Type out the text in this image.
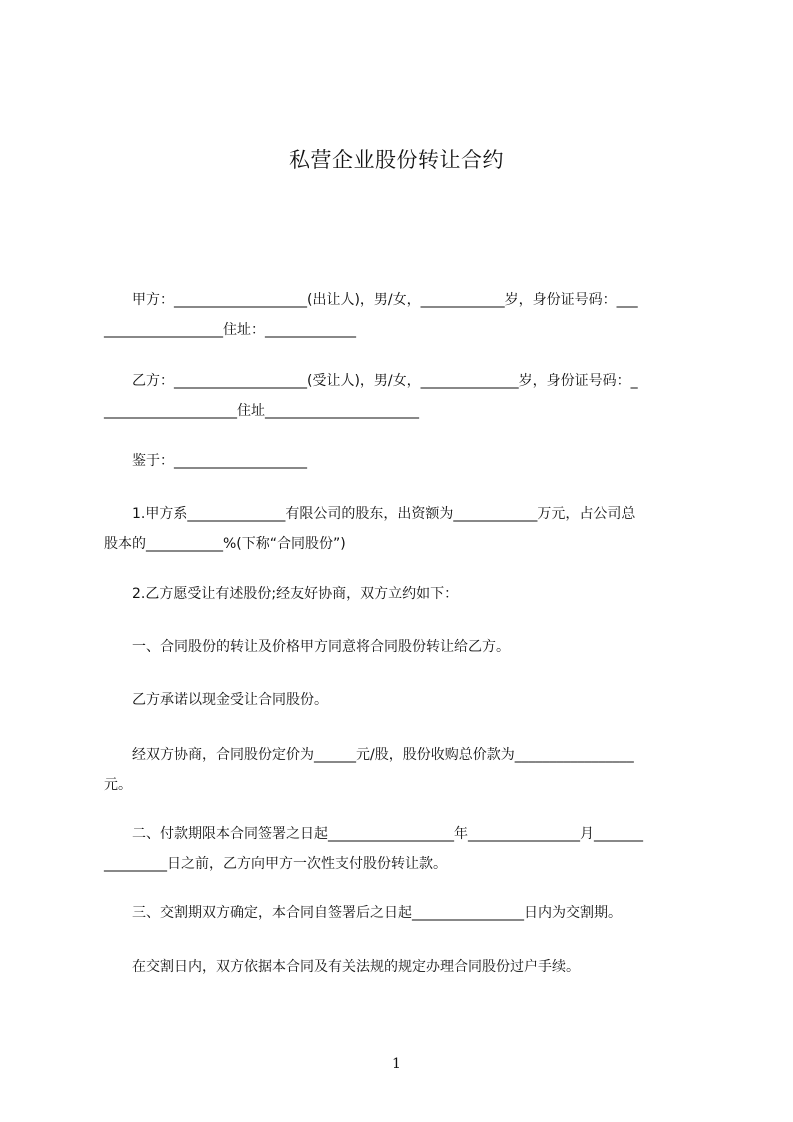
私营企业股份转让合约
　　甲方：___________________(出让人)，男/女，____________岁，身份证号码：___
_________________住址：_____________
　　乙方：___________________(受让人)，男/女，______________岁，身份证号码：_
___________________住址______________________
　　鉴于：___________________
　　1.甲方系______________有限公司的股东，出资额为____________万元，占公司总
股本的___________%(下称“合同股份”)
　　2.乙方愿受让有述股份;经友好协商，双方立约如下：
　　一、合同股份的转让及价格甲方同意将合同股份转让给乙方。
　　乙方承诺以现金受让合同股份。
　　经双方协商，合同股份定价为______元/股，股份收购总价款为_________________
元。
　　二、付款期限本合同签署之日起__________________年________________月_______
_________日之前，乙方向甲方一次性支付股份转让款。
　　三、交割期双方确定，本合同自签署后之日起________________日内为交割期。
　　在交割日内，双方依据本合同及有关法规的规定办理合同股份过户手续。
1
